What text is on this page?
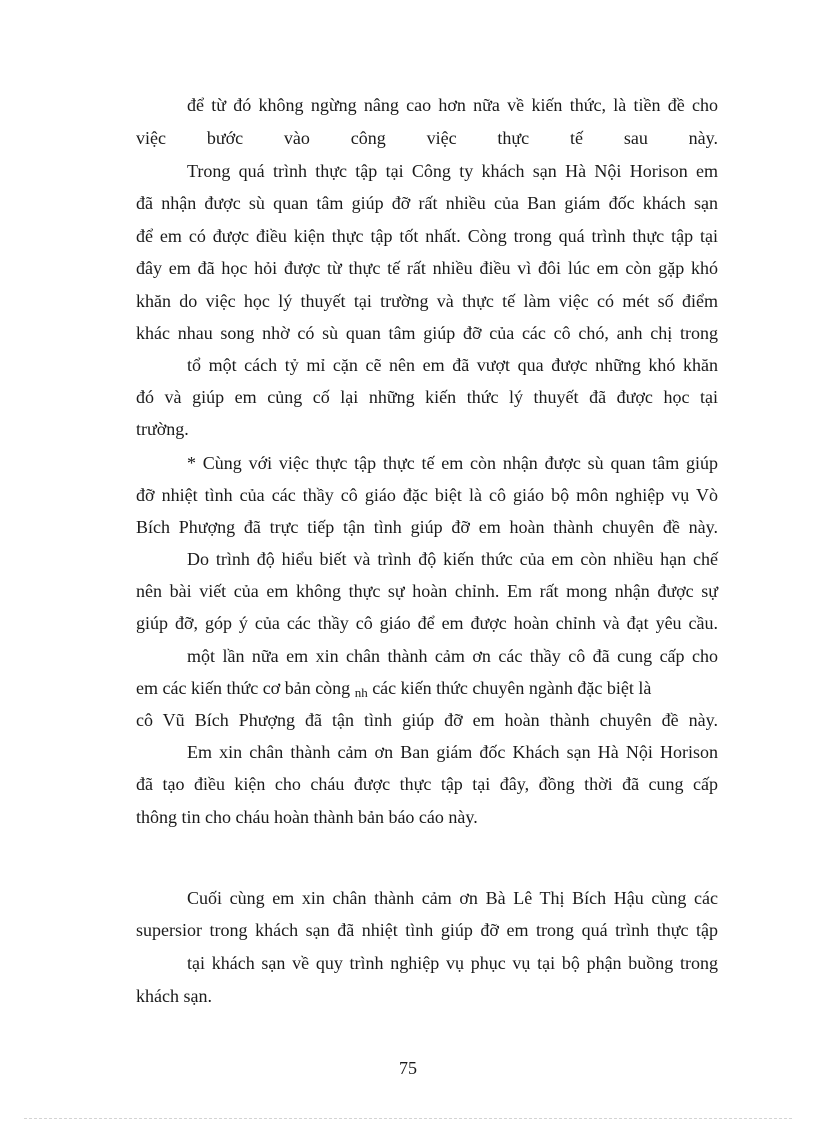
để từ đó không ngừng nâng cao hơn nữa về kiến thức, là tiền đề cho
việc bước vào công việc thực tế sau này.
Trong quá trình thực tập tại Công ty khách sạn Hà Nội Horison em
đã nhận được sù quan tâm giúp đỡ rất nhiều của Ban giám đốc khách sạn
để em có được điều kiện thực tập tốt nhất. Còng trong quá trình thực tập tại
đây em đã học hỏi được từ thực tế rất nhiều điều vì đôi lúc em còn gặp khó
khăn do việc học lý thuyết tại trường và thực tế làm việc có mét số điểm
khác nhau song nhờ có sù quan tâm giúp đỡ của các cô chó, anh chị trong
tổ một cách tỷ mỉ cặn cẽ nên em đã vượt qua được những khó khăn
đó và giúp em củng cố lại những kiến thức lý thuyết đã được học tại
trường.
* Cùng với việc thực tập thực tế em còn nhận được sù quan tâm giúp
đỡ nhiệt tình của các thầy cô giáo đặc biệt là cô giáo bộ môn nghiệp vụ Vò
Bích Phượng đã trực tiếp tận tình giúp đỡ em hoàn thành chuyên đề này.
Do trình độ hiểu biết và trình độ kiến thức của em còn nhiều hạn chế
nên bài viết của em không thực sự hoàn chỉnh. Em rất mong nhận được sự
giúp đỡ, góp ý của các thầy cô giáo để em được hoàn chỉnh và đạt yêu cầu.
một lần nữa em xin chân thành cảm ơn các thầy cô đã cung cấp cho
em các kiến thức cơ bản còng nh các kiến thức chuyên ngành đặc biệt là
cô Vũ Bích Phượng đã tận tình giúp đỡ em hoàn thành chuyên đề này.
Em xin chân thành cảm ơn Ban giám đốc Khách sạn Hà Nội Horison
đã tạo điều kiện cho cháu được thực tập tại đây, đồng thời đã cung cấp
thông tin cho cháu hoàn thành bản báo cáo này.
Cuối cùng em xin chân thành cảm ơn Bà Lê Thị Bích Hậu cùng các
supersior trong khách sạn đã nhiệt tình giúp đỡ em trong quá trình thực tập
tại khách sạn về quy trình nghiệp vụ phục vụ tại bộ phận buồng trong
khách sạn.
75
